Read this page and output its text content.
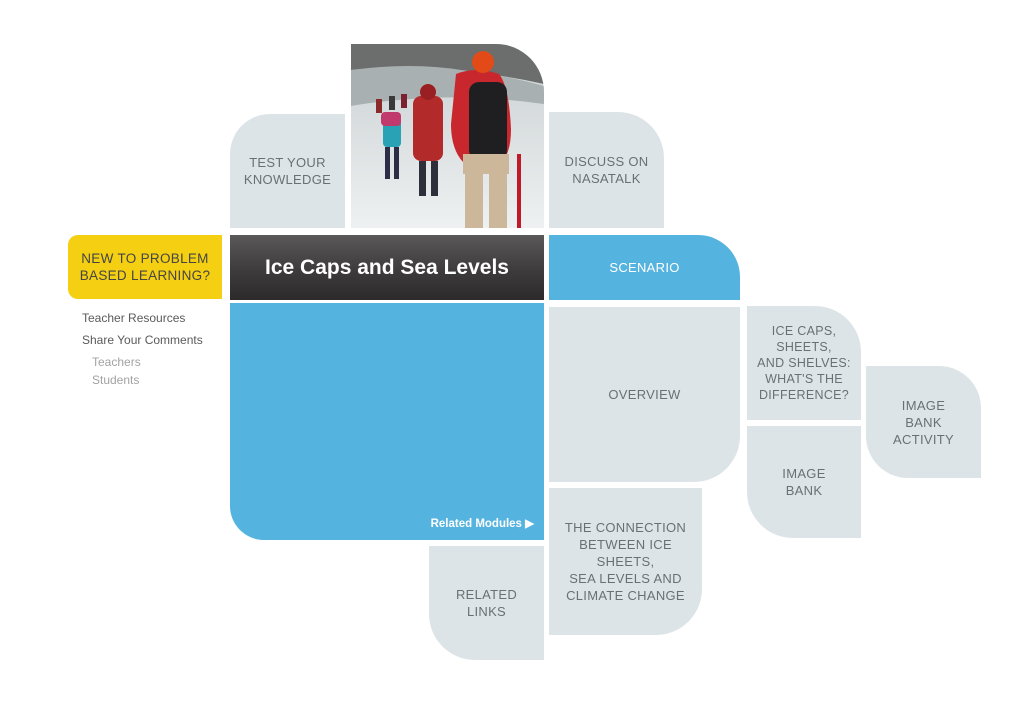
TEST YOUR
KNOWLEDGE
DISCUSS ON
NASATALK
NEW TO PROBLEM
BASED LEARNING?
Teacher Resources
Share Your Comments
Teachers
Students
Ice Caps and Sea Levels
Related Modules ▶
SCENARIO
OVERVIEW
ICE CAPS,
SHEETS,
AND SHELVES:
WHAT'S THE
DIFFERENCE?
IMAGE
BANK
ACTIVITY
IMAGE
BANK
THE CONNECTION
BETWEEN ICE SHEETS,
SEA LEVELS AND
CLIMATE CHANGE
RELATED
LINKS
